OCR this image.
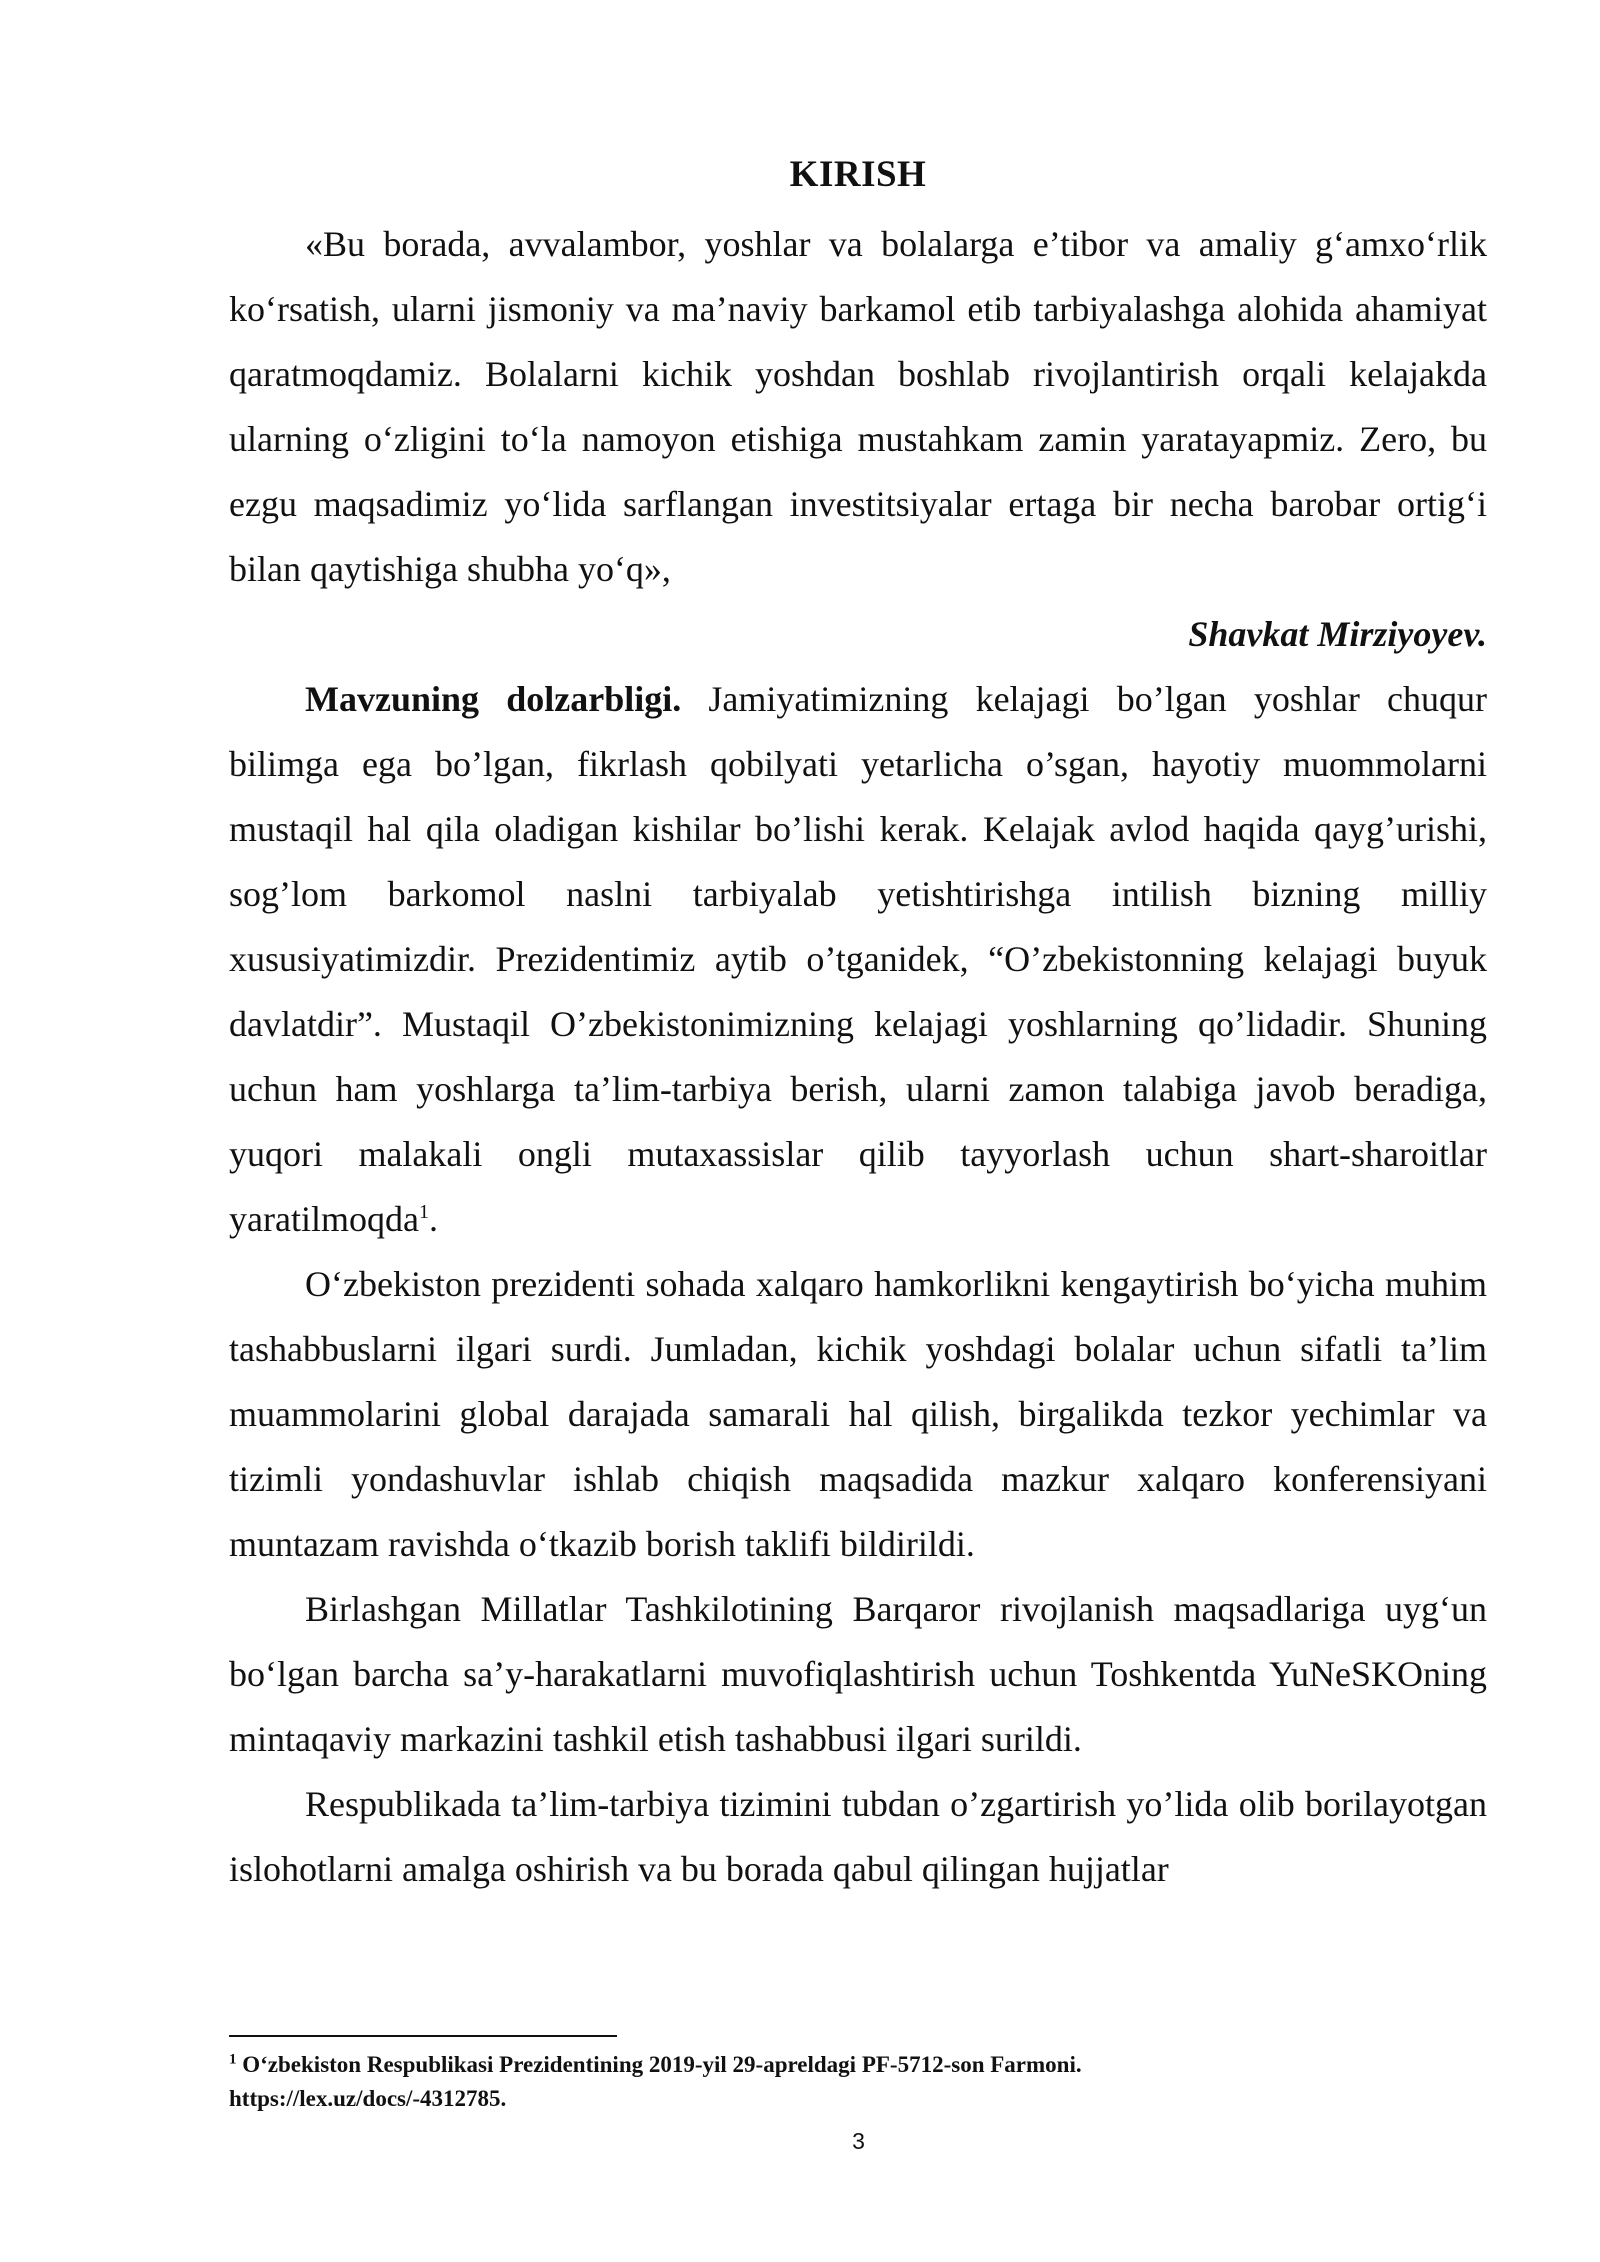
KIRISH

«Bu borada, avvalambor, yoshlar va bolalarga e’tibor va amaliy g‘amxo‘rlik ko‘rsatish, ularni jismoniy va ma’naviy barkamol etib tarbiyalashga alohida ahamiyat qaratmoqdamiz. Bolalarni kichik yoshdan boshlab rivojlantirish orqali kelajakda ularning o‘zligini to‘la namoyon etishiga mustahkam zamin yaratayapmiz. Zero, bu ezgu maqsadimiz yo‘lida sarflangan investitsiyalar ertaga bir necha barobar ortig‘i bilan qaytishiga shubha yo‘q»,

Shavkat Mirziyoyev.

Mavzuning dolzarbligi. Jamiyatimizning kelajagi bo’lgan yoshlar chuqur bilimga ega bo’lgan, fikrlash qobilyati yetarlicha o’sgan, hayotiy muommolarni mustaqil hal qila oladigan kishilar bo’lishi kerak. Kelajak avlod haqida qayg’urishi, sog’lom barkomol naslni tarbiyalab yetishtirishga intilish bizning milliy xususiyatimizdir. Prezidentimiz aytib o’tganidek, “O’zbekistonning kelajagi buyuk davlatdir”. Mustaqil O’zbekistonimizning kelajagi yoshlarning qo’lidadir. Shuning uchun ham yoshlarga ta’lim-tarbiya berish, ularni zamon talabiga javob beradiga, yuqori malakali ongli mutaxassislar qilib tayyorlash uchun shart-sharoitlar yaratilmoqda$^1$.

O‘zbekiston prezidenti sohada xalqaro hamkorlikni kengaytirish bo‘yicha muhim tashabbuslarni ilgari surdi. Jumladan, kichik yoshdagi bolalar uchun sifatli ta’lim muammolarini global darajada samarali hal qilish, birgalikda tezkor yechimlar va tizimli yondashuvlar ishlab chiqish maqsadida mazkur xalqaro konferensiyani muntazam ravishda o‘tkazib borish taklifi bildirildi.

Birlashgan Millatlar Tashkilotining Barqaror rivojlanish maqsadlariga uyg‘un bo‘lgan barcha sa’y-harakatlarni muvofiqlashtirish uchun Toshkentda YuNeSKOning mintaqaviy markazini tashkil etish tashabbusi ilgari surildi.

Respublikada ta’lim-tarbiya tizimini tubdan o’zgartirish yo’lida olib borilayotgan islohotlarni amalga oshirish va bu borada qabul qilingan hujjatlar

$^1$ O‘zbekiston Respublikasi Prezidentining 2019-yil 29-apreldagi PF-5712-son Farmoni.
https://lex.uz/docs/-4312785.
3
